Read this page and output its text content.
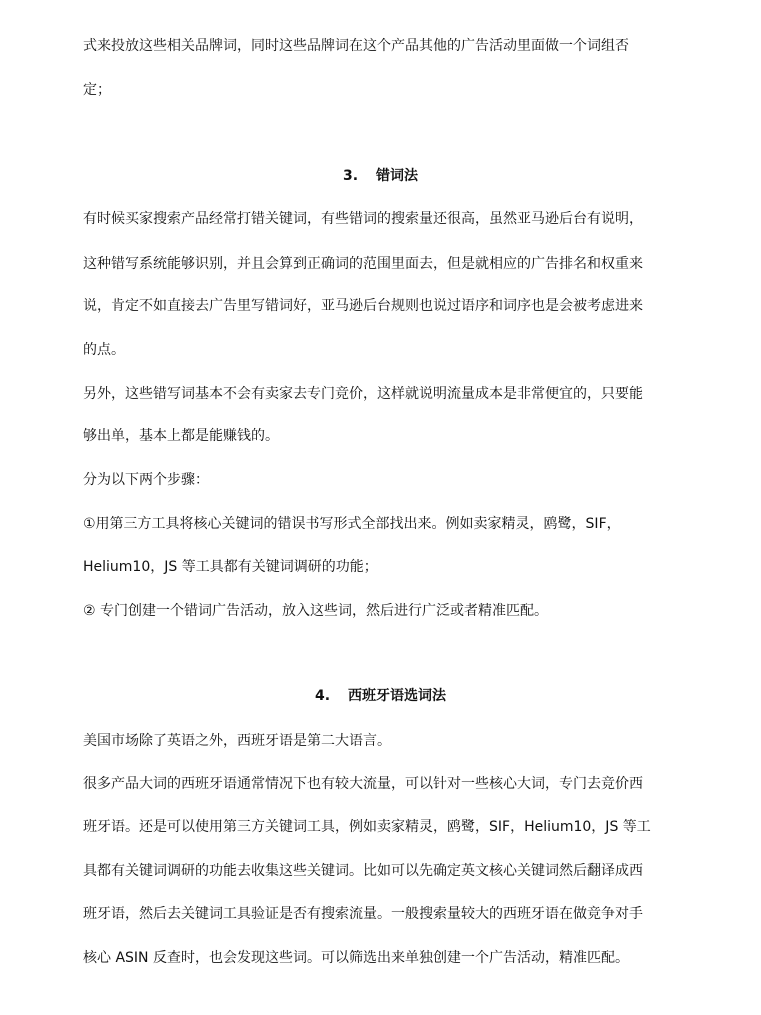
式来投放这些相关品牌词，同时这些品牌词在这个产品其他的广告活动里面做一个词组否
定；
3. 错词法
有时候买家搜索产品经常打错关键词，有些错词的搜索量还很高，虽然亚马逊后台有说明，
这种错写系统能够识别，并且会算到正确词的范围里面去，但是就相应的广告排名和权重来
说，肯定不如直接去广告里写错词好，亚马逊后台规则也说过语序和词序也是会被考虑进来
的点。
另外，这些错写词基本不会有卖家去专门竞价，这样就说明流量成本是非常便宜的，只要能
够出单，基本上都是能赚钱的。
分为以下两个步骤：
①用第三方工具将核心关键词的错误书写形式全部找出来。例如卖家精灵，鸥鹭，SIF，
Helium10，JS 等工具都有关键词调研的功能；
② 专门创建一个错词广告活动，放入这些词，然后进行广泛或者精准匹配。
4. 西班牙语选词法
美国市场除了英语之外，西班牙语是第二大语言。
很多产品大词的西班牙语通常情况下也有较大流量，可以针对一些核心大词，专门去竞价西
班牙语。还是可以使用第三方关键词工具，例如卖家精灵，鸥鹭，SIF，Helium10，JS 等工
具都有关键词调研的功能去收集这些关键词。比如可以先确定英文核心关键词然后翻译成西
班牙语，然后去关键词工具验证是否有搜索流量。一般搜索量较大的西班牙语在做竞争对手
核心 ASIN 反查时，也会发现这些词。可以筛选出来单独创建一个广告活动，精准匹配。
